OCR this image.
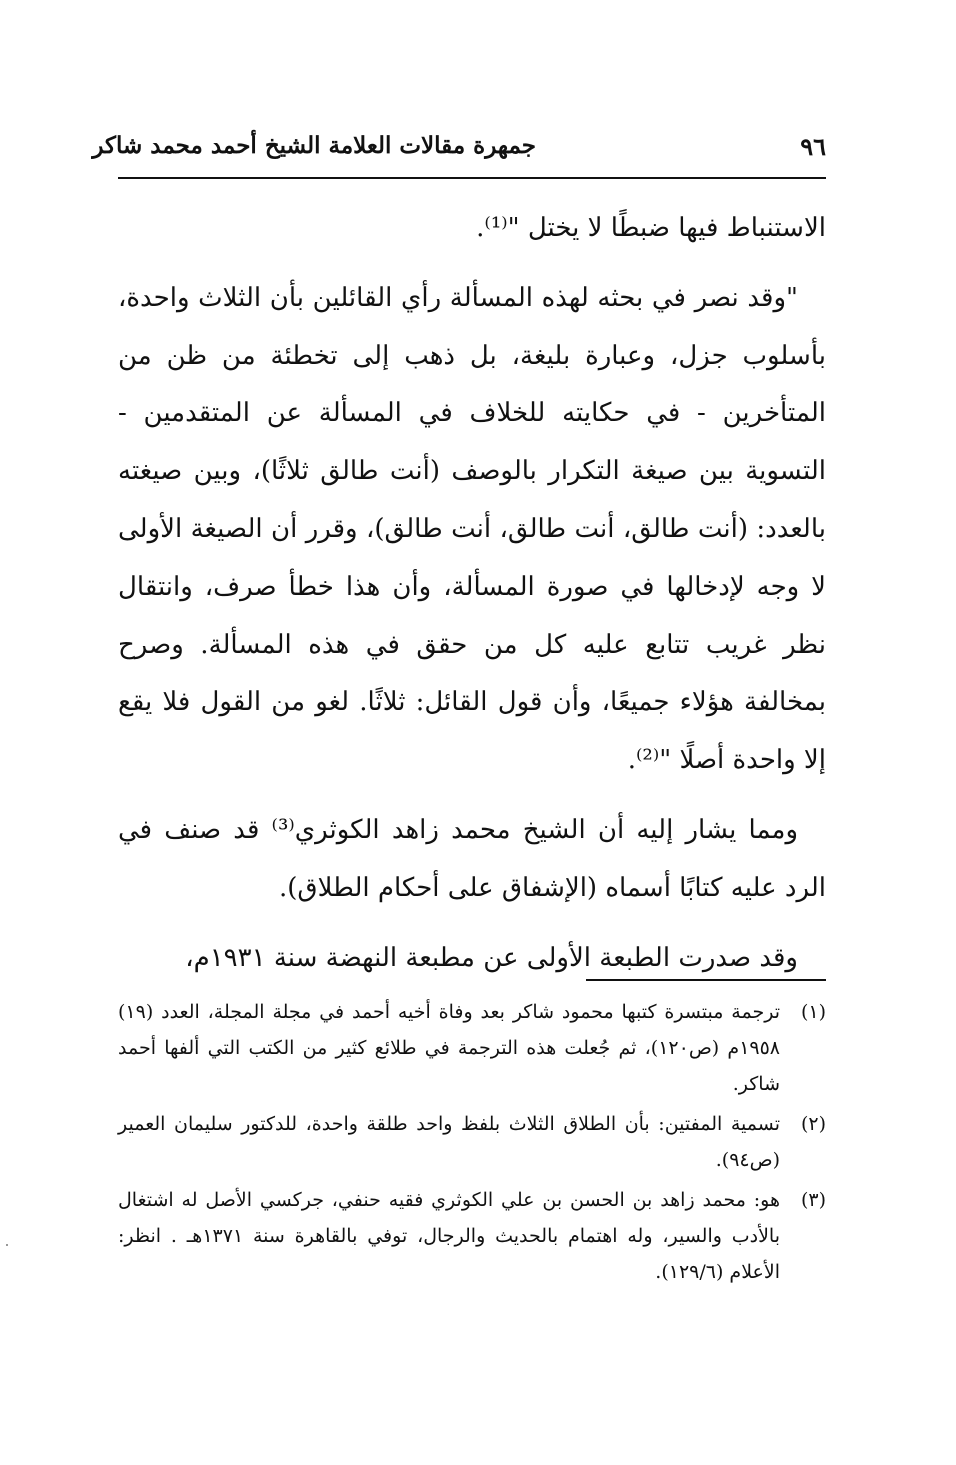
جمهرة مقالات العلامة الشيخ أحمد محمد شاكر	٩٦

الاستنباط فيها ضبطًا لا يختل "⁽¹⁾.

"وقد نصر في بحثه لهذه المسألة رأي القائلين بأن الثلاث واحدة، بأسلوب جزل، وعبارة بليغة، بل ذهب إلى تخطئة من ظن من المتأخرين - في حكايته للخلاف في المسألة عن المتقدمين - التسوية بين صيغة التكرار بالوصف (أنت طالق ثلاثًا)، وبين صيغته بالعدد: (أنت طالق، أنت طالق، أنت طالق)، وقرر أن الصيغة الأولى لا وجه لإدخالها في صورة المسألة، وأن هذا خطأ صرف، وانتقال نظر غريب تتابع عليه كل من حقق في هذه المسألة. وصرح بمخالفة هؤلاء جميعًا، وأن قول القائل: ثلاثًا. لغو من القول فلا يقع إلا واحدة أصلًا "⁽²⁾.

ومما يشار إليه أن الشيخ محمد زاهد الكوثري⁽³⁾ قد صنف في الرد عليه كتابًا أسماه (الإشفاق على أحكام الطلاق).

وقد صدرت الطبعة الأولى عن مطبعة النهضة سنة ١٩٣١م،

(١)
ترجمة مبتسرة كتبها محمود شاكر بعد وفاة أخيه أحمد في مجلة المجلة، العدد (١٩) ١٩٥٨م (ص١٢٠)، ثم جُعلت هذه الترجمة في طلائع كثير من الكتب التي ألفها أحمد شاكر.
(٢)
تسمية المفتين: بأن الطلاق الثلاث بلفظ واحد طلقة واحدة، للدكتور سليمان العمير (ص٩٤).
(٣)
هو: محمد زاهد بن الحسن بن علي الكوثري فقيه حنفي، جركسي الأصل له اشتغال بالأدب والسير، وله اهتمام بالحديث والرجال، توفي بالقاهرة سنة ١٣٧١هـ . انظر: الأعلام (١٢٩/٦).
